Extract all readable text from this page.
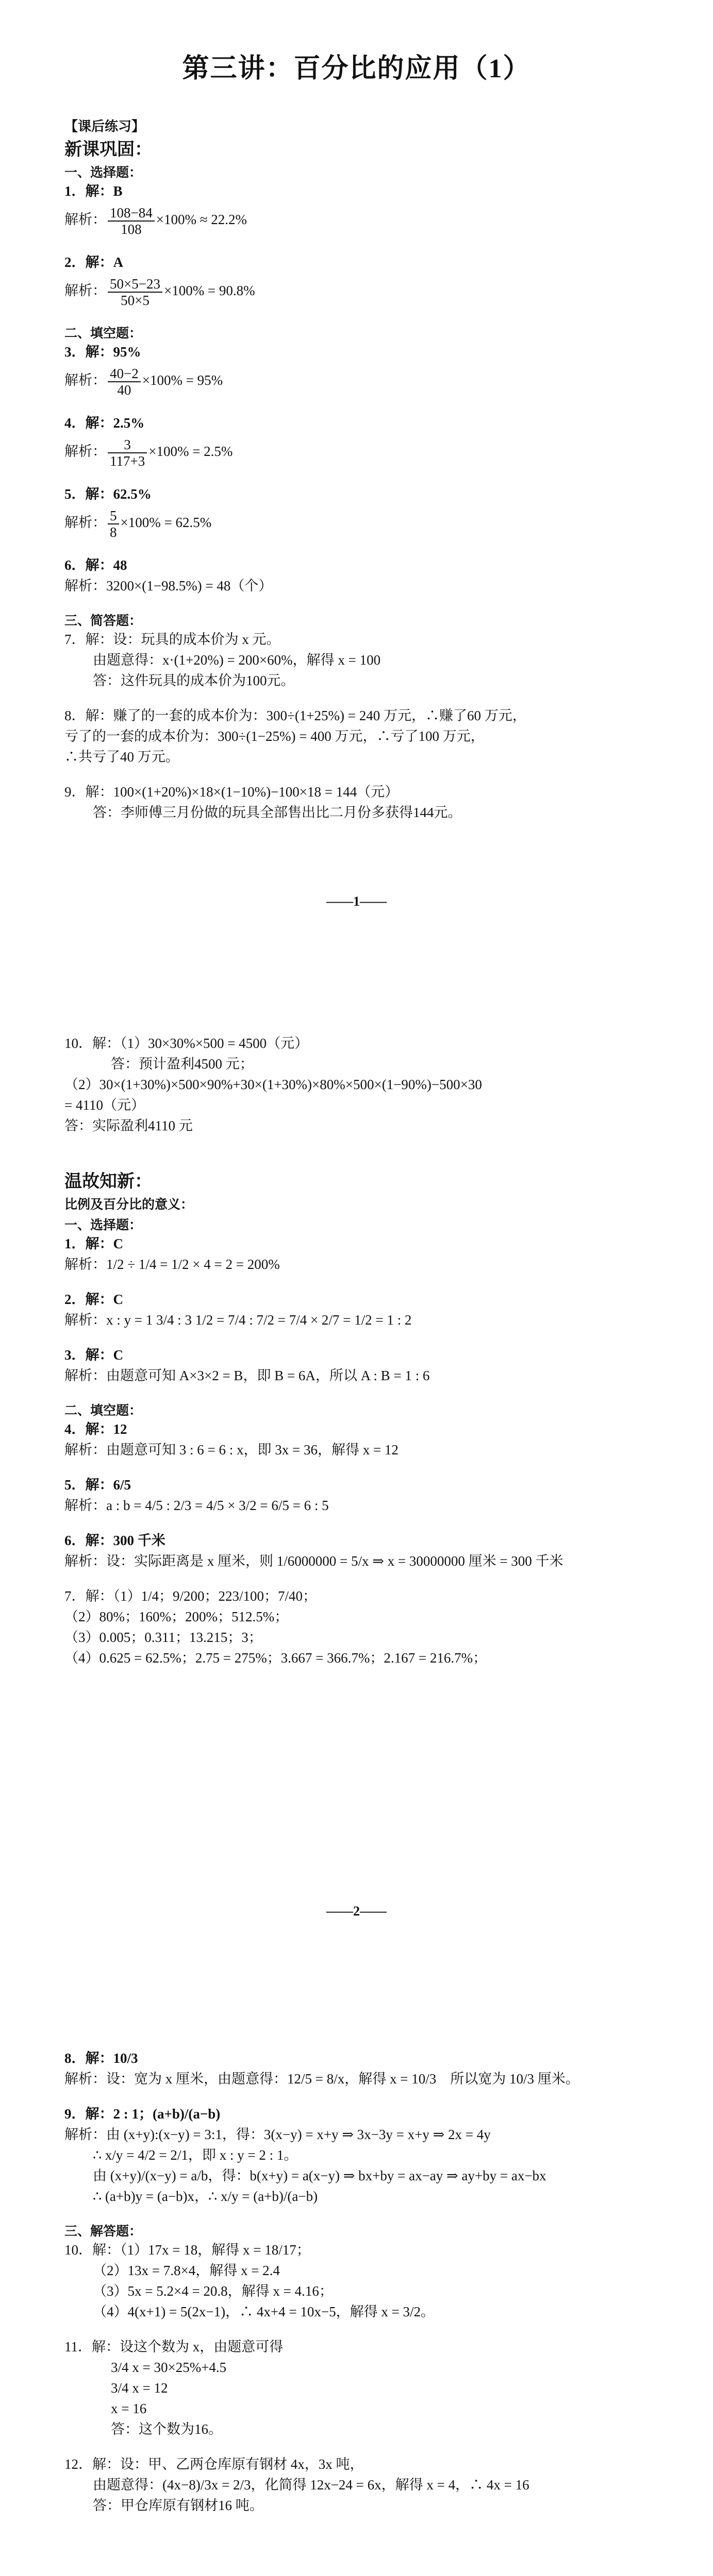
第三讲：百分比的应用（1）
【课后练习】
新课巩固：
一、选择题：
1．解：B
解析： $\frac{108-84}{108} \times 100\% \approx 22.2\%$
2．解：A
解析： $\frac{50\times 5-23}{50\times 5} \times 100\% = 90.8\%$
二、填空题：
3．解：95%
解析： $\frac{40-2}{40} \times 100\% = 95\%$
4．解：2.5%
解析： $\frac{3}{117+3} \times 100\% = 2.5\%$
5．解：62.5%
解析： $\frac{5}{8} \times 100\% = 62.5\%$
6．解：48
解析：3200×(1−98.5%) = 48（个）
三、简答题：
7．解：设：玩具的成本价为 x 元。
由题意得：x·(1+20%) = 200×60%，解得 x = 100
答：这件玩具的成本价为100元。
8．解：赚了的一套的成本价为：300÷(1+25%) = 240 万元，∴赚了60 万元，
亏了的一套的成本价为：300÷(1−25%) = 400 万元，∴亏了100 万元，
∴共亏了40 万元。
9．解：100×(1+20%)×18×(1−10%)−100×18 = 144（元）
答：李师傅三月份做的玩具全部售出比二月份多获得144元。
——1——
10．解：（1）30×30%×500 = 4500（元）
答：预计盈利4500 元；
（2）30×(1+30%)×500×90%+30×(1+30%)×80%×500×(1−90%)−500×30
= 4110（元）
答：实际盈利4110 元
温故知新：
比例及百分比的意义：
一、选择题：
1．解：C
解析：1/2 ÷ 1/4 = 1/2 × 4 = 2 = 200%
2．解：C
解析：x : y = 1 3/4 : 3 1/2 = 7/4 : 7/2 = 7/4 × 2/7 = 1/2 = 1 : 2
3．解：C
解析：由题意可知 A×3×2 = B，即 B = 6A，所以 A : B = 1 : 6
二、填空题：
4．解：12
解析：由题意可知 3 : 6 = 6 : x，即 3x = 36，解得 x = 12
5．解：6/5
解析：a : b = 4/5 : 2/3 = 4/5 × 3/2 = 6/5 = 6 : 5
6．解：300 千米
解析：设：实际距离是 x 厘米，则 1/6000000 = 5/x ⇒ x = 30000000 厘米 = 300 千米
7．解：（1）1/4；9/200；223/100；7/40；
（2）80%；160%；200%；512.5%；
（3）0.005；0.311；13.215；3；
（4）0.625 = 62.5%；2.75 = 275%；3.667 = 366.7%；2.167 = 216.7%；
——2——
8．解：10/3
解析：设：宽为 x 厘米，由题意得：12/5 = 8/x，解得 x = 10/3　所以宽为 10/3 厘米。
9．解：2 : 1；(a+b)/(a−b)
解析：由 (x+y):(x−y) = 3:1，得：3(x−y) = x+y ⇒ 3x−3y = x+y ⇒ 2x = 4y
∴ x/y = 4/2 = 2/1，即 x : y = 2 : 1。
由 (x+y)/(x−y) = a/b，得：b(x+y) = a(x−y) ⇒ bx+by = ax−ay ⇒ ay+by = ax−bx
∴ (a+b)y = (a−b)x，∴ x/y = (a+b)/(a−b)
三、解答题：
10．解：（1）17x = 18，解得 x = 18/17；
（2）13x = 7.8×4，解得 x = 2.4
（3）5x = 5.2×4 = 20.8，解得 x = 4.16；
（4）4(x+1) = 5(2x−1)，∴ 4x+4 = 10x−5，解得 x = 3/2。
11．解：设这个数为 x，由题意可得
3/4 x = 30×25%+4.5
3/4 x = 12
x = 16
答：这个数为16。
12．解：设：甲、乙两仓库原有钢材 4x，3x 吨，
由题意得：(4x−8)/3x = 2/3，化简得 12x−24 = 6x，解得 x = 4，∴ 4x = 16
答：甲仓库原有钢材16 吨。
